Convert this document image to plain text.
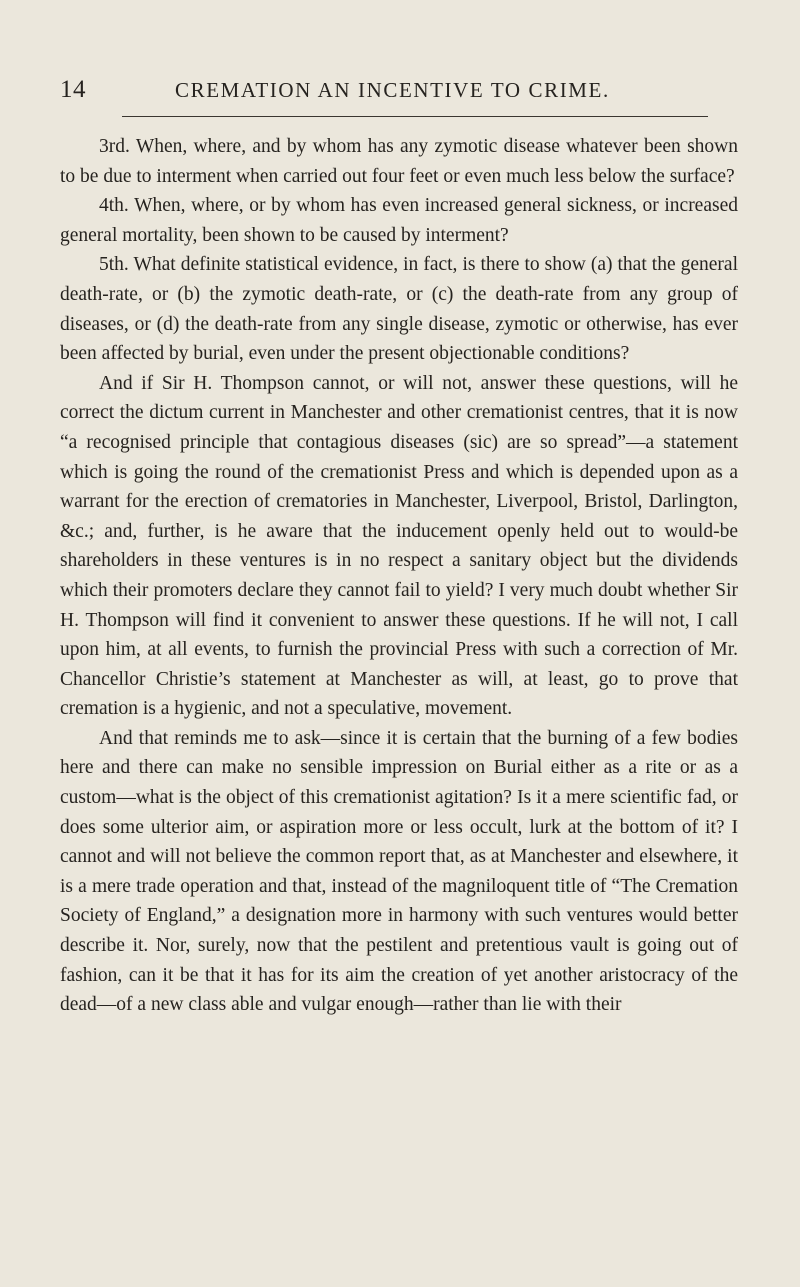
14	CREMATION AN INCENTIVE TO CRIME.

3rd. When, where, and by whom has any zymotic disease whatever been shown to be due to interment when carried out four feet or even much less below the surface?

4th. When, where, or by whom has even increased general sickness, or increased general mortality, been shown to be caused by interment?

5th. What definite statistical evidence, in fact, is there to show (a) that the general death-rate, or (b) the zymotic death-rate, or (c) the death-rate from any group of diseases, or (d) the death-rate from any single disease, zymotic or otherwise, has ever been affected by burial, even under the present objectionable conditions?

And if Sir H. Thompson cannot, or will not, answer these questions, will he correct the dictum current in Manchester and other cremationist centres, that it is now “a recognised principle that contagious diseases (sic) are so spread”—a statement which is going the round of the cremationist Press and which is depended upon as a warrant for the erection of crematories in Manchester, Liverpool, Bristol, Darlington, &c.; and, further, is he aware that the inducement openly held out to would-be shareholders in these ventures is in no respect a sanitary object but the dividends which their promoters declare they cannot fail to yield? I very much doubt whether Sir H. Thompson will find it convenient to answer these questions. If he will not, I call upon him, at all events, to furnish the provincial Press with such a correction of Mr. Chancellor Christie’s statement at Manchester as will, at least, go to prove that cremation is a hygienic, and not a speculative, movement.

And that reminds me to ask—since it is certain that the burning of a few bodies here and there can make no sensible impression on Burial either as a rite or as a custom—what is the object of this cremationist agitation? Is it a mere scientific fad, or does some ulterior aim, or aspiration more or less occult, lurk at the bottom of it? I cannot and will not believe the common report that, as at Manchester and elsewhere, it is a mere trade operation and that, instead of the magniloquent title of “The Cremation Society of England,” a designation more in harmony with such ventures would better describe it. Nor, surely, now that the pestilent and pretentious vault is going out of fashion, can it be that it has for its aim the creation of yet another aristocracy of the dead—of a new class able and vulgar enough—rather than lie with their
